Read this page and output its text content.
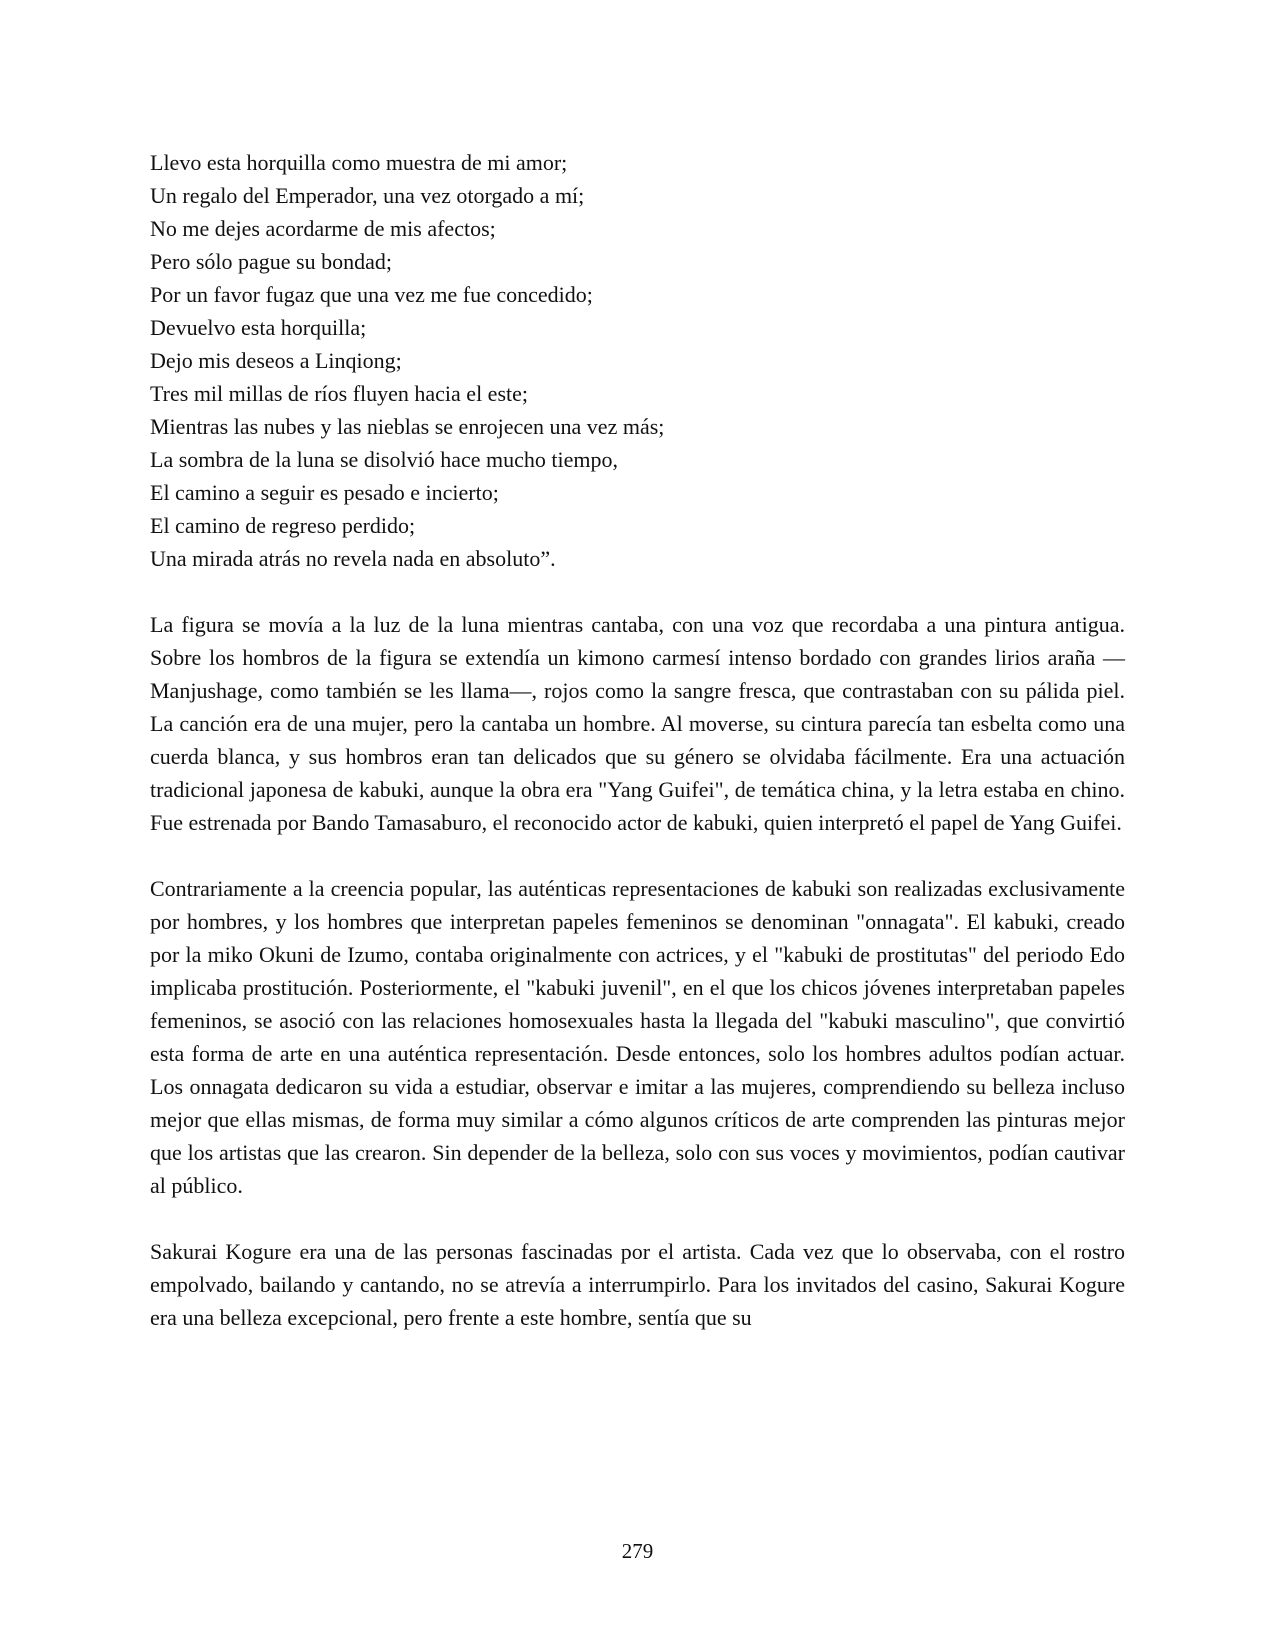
Llevo esta horquilla como muestra de mi amor;
Un regalo del Emperador, una vez otorgado a mí;
No me dejes acordarme de mis afectos;
Pero sólo pague su bondad;
Por un favor fugaz que una vez me fue concedido;
Devuelvo esta horquilla;
Dejo mis deseos a Linqiong;
Tres mil millas de ríos fluyen hacia el este;
Mientras las nubes y las nieblas se enrojecen una vez más;
La sombra de la luna se disolvió hace mucho tiempo,
El camino a seguir es pesado e incierto;
El camino de regreso perdido;
Una mirada atrás no revela nada en absoluto”.

La figura se movía a la luz de la luna mientras cantaba, con una voz que recordaba a una pintura antigua. Sobre los hombros de la figura se extendía un kimono carmesí intenso bordado con grandes lirios araña —Manjushage, como también se les llama—, rojos como la sangre fresca, que contrastaban con su pálida piel. La canción era de una mujer, pero la cantaba un hombre. Al moverse, su cintura parecía tan esbelta como una cuerda blanca, y sus hombros eran tan delicados que su género se olvidaba fácilmente. Era una actuación tradicional japonesa de kabuki, aunque la obra era "Yang Guifei", de temática china, y la letra estaba en chino. Fue estrenada por Bando Tamasaburo, el reconocido actor de kabuki, quien interpretó el papel de Yang Guifei.

Contrariamente a la creencia popular, las auténticas representaciones de kabuki son realizadas exclusivamente por hombres, y los hombres que interpretan papeles femeninos se denominan "onnagata". El kabuki, creado por la miko Okuni de Izumo, contaba originalmente con actrices, y el "kabuki de prostitutas" del periodo Edo implicaba prostitución. Posteriormente, el "kabuki juvenil", en el que los chicos jóvenes interpretaban papeles femeninos, se asoció con las relaciones homosexuales hasta la llegada del "kabuki masculino", que convirtió esta forma de arte en una auténtica representación. Desde entonces, solo los hombres adultos podían actuar. Los onnagata dedicaron su vida a estudiar, observar e imitar a las mujeres, comprendiendo su belleza incluso mejor que ellas mismas, de forma muy similar a cómo algunos críticos de arte comprenden las pinturas mejor que los artistas que las crearon. Sin depender de la belleza, solo con sus voces y movimientos, podían cautivar al público.

Sakurai Kogure era una de las personas fascinadas por el artista. Cada vez que lo observaba, con el rostro empolvado, bailando y cantando, no se atrevía a interrumpirlo. Para los invitados del casino, Sakurai Kogure era una belleza excepcional, pero frente a este hombre, sentía que su

279
